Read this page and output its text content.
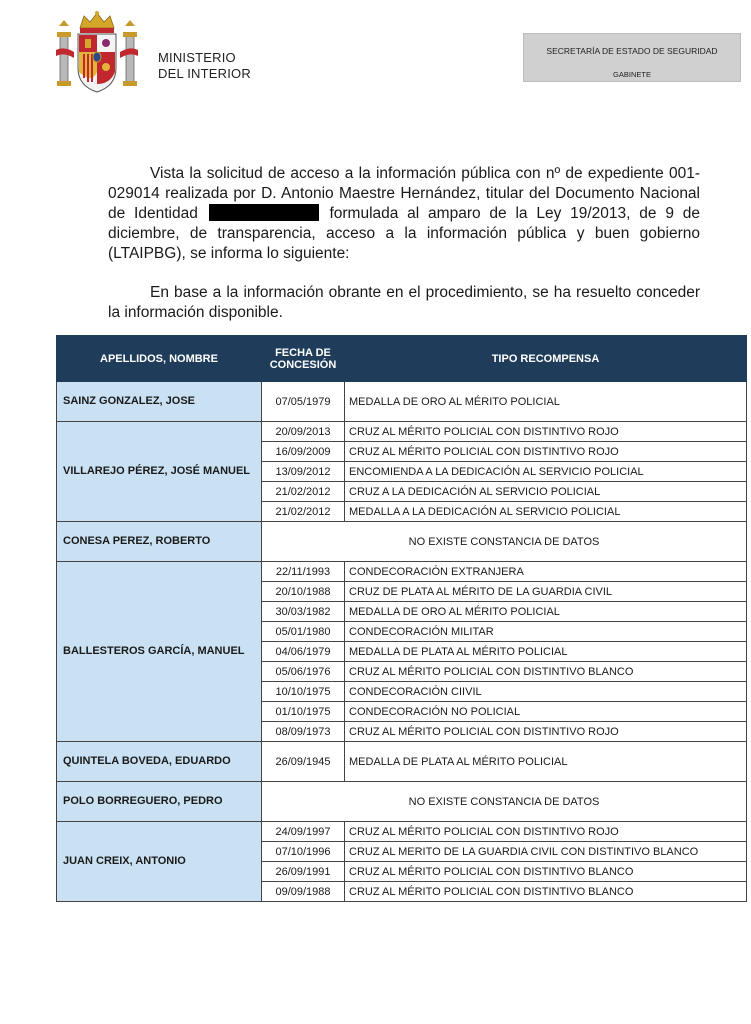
MINISTERIO
DEL INTERIOR
SECRETARÍA DE ESTADO DE SEGURIDAD
GABINETE
Vista la solicitud de acceso a la información pública con nº de expediente 001-029014 realizada por D. Antonio Maestre Hernández, titular del Documento Nacional de Identidad	formulada al amparo de la Ley 19/2013, de 9 de diciembre, de transparencia, acceso a la información pública y buen gobierno (LTAIPBG), se informa lo siguiente:
En base a la información obrante en el procedimiento, se ha resuelto conceder la información disponible.
APELLIDOS, NOMBRE	FECHA DE CONCESIÓN	TIPO RECOMPENSA
SAINZ GONZALEZ, JOSE	07/05/1979	MEDALLA DE ORO AL MÉRITO POLICIAL
VILLAREJO PÉREZ, JOSÉ MANUEL	20/09/2013	CRUZ AL MÉRITO POLICIAL CON DISTINTIVO ROJO
	16/09/2009	CRUZ AL MÉRITO POLICIAL CON DISTINTIVO ROJO
	13/09/2012	ENCOMIENDA A LA DEDICACIÓN AL SERVICIO POLICIAL
	21/02/2012	CRUZ A LA DEDICACIÓN AL SERVICIO POLICIAL
	21/02/2012	MEDALLA A LA DEDICACIÓN AL SERVICIO POLICIAL
CONESA PEREZ, ROBERTO	NO EXISTE CONSTANCIA DE DATOS	
BALLESTEROS GARCÍA, MANUEL	22/11/1993	CONDECORACIÓN EXTRANJERA
	20/10/1988	CRUZ DE PLATA AL MÉRITO DE LA GUARDIA CIVIL
	30/03/1982	MEDALLA DE ORO AL MÉRITO POLICIAL
	05/01/1980	CONDECORACIÓN MILITAR
	04/06/1979	MEDALLA DE PLATA AL MÉRITO POLICIAL
	05/06/1976	CRUZ AL MÉRITO POLICIAL CON DISTINTIVO BLANCO
	10/10/1975	CONDECORACIÓN CIIVIL
	01/10/1975	CONDECORACIÓN NO POLICIAL
	08/09/1973	CRUZ AL MÉRITO POLICIAL CON DISTINTIVO ROJO
QUINTELA BOVEDA, EDUARDO	26/09/1945	MEDALLA DE PLATA AL MÉRITO POLICIAL
POLO BORREGUERO, PEDRO	NO EXISTE CONSTANCIA DE DATOS	
JUAN CREIX, ANTONIO	24/09/1997	CRUZ AL MÉRITO POLICIAL CON DISTINTIVO ROJO
	07/10/1996	CRUZ AL MERITO DE LA GUARDIA CIVIL CON DISTINTIVO BLANCO
	26/09/1991	CRUZ AL MÉRITO POLICIAL CON DISTINTIVO BLANCO
	09/09/1988	CRUZ AL MÉRITO POLICIAL CON DISTINTIVO BLANCO
